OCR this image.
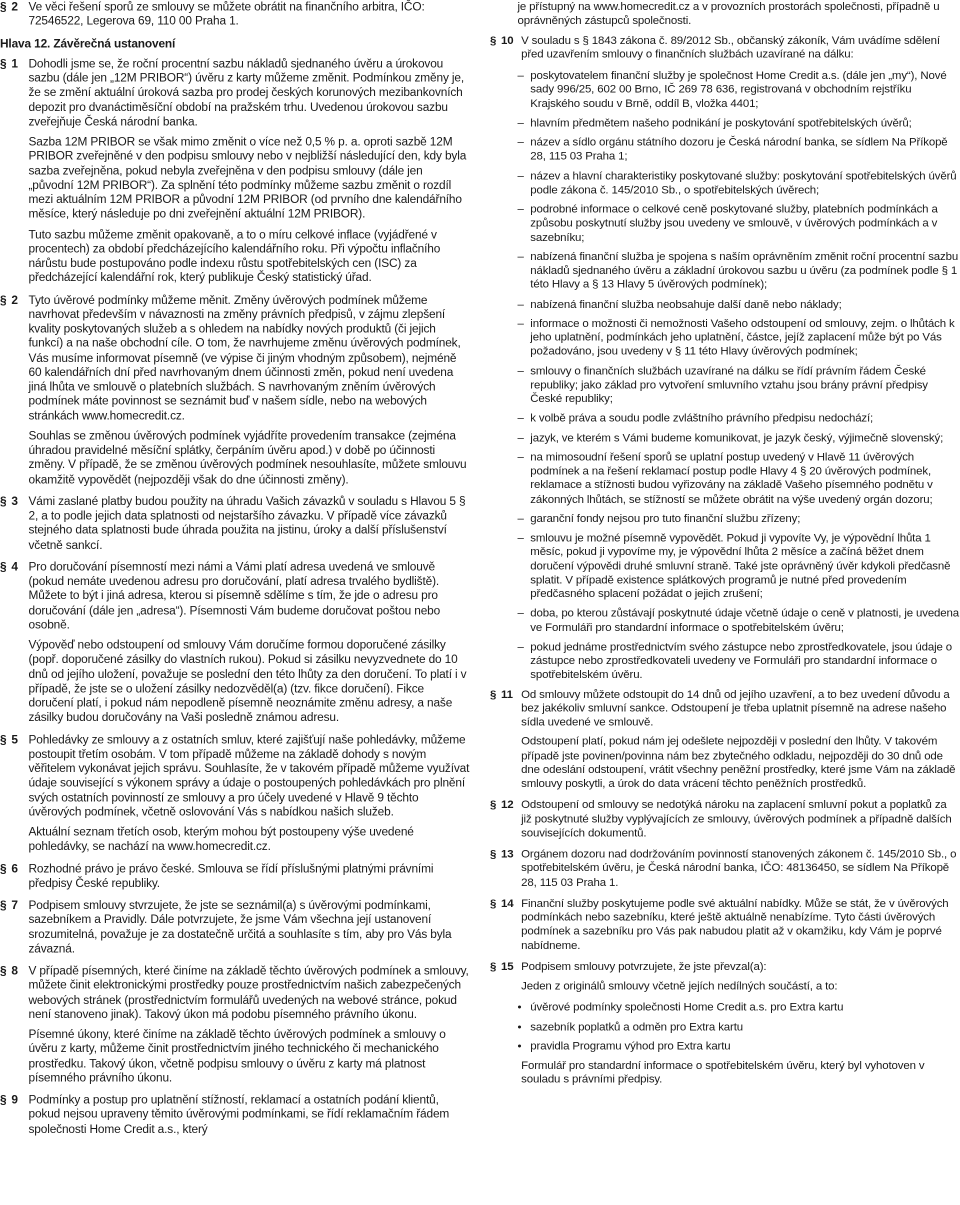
§ 2 Ve věci řešení sporů ze smlouvy se můžete obrátit na finančního arbitra, IČO: 72546522, Legerova 69, 110 00 Praha 1.

Hlava 12. Závěrečná ustanovení
§ 1 Dohodli jsme se, že roční procentní sazbu nákladů sjednaného úvěru a úrokovou sazbu (dále jen „12M PRIBOR“) úvěru z karty můžeme změnit. Podmínkou změny je, že se změní aktuální úroková sazba pro prodej českých korunových mezibankovních depozit pro dvanáctiměsíční období na pražském trhu. Uvedenou úrokovou sazbu zveřejňuje Česká národní banka.

Sazba 12M PRIBOR se však mimo změnit o více než 0,5 % p. a. oproti sazbě 12M PRIBOR zveřejněné v den podpisu smlouvy nebo v nejbližší následující den, kdy byla sazba zveřejněna, pokud nebyla zveřejněna v den podpisu smlouvy (dále jen „původní 12M PRIBOR“). Za splnění této podmínky můžeme sazbu změnit o rozdíl mezi aktuálním 12M PRIBOR a původní 12M PRIBOR (od prvního dne kalendářního měsíce, který následuje po dni zveřejnění aktuální 12M PRIBOR).

Tuto sazbu můžeme změnit opakovaně, a to o míru celkové inflace (vyjádřené v procentech) za období předcházejícího kalendářního roku. Při výpočtu inflačního nárůstu bude postupováno podle indexu růstu spotřebitelských cen (ISC) za předcházející kalendářní rok, který publikuje Český statistický úřad.

§ 2 Tyto úvěrové podmínky můžeme měnit. Změny úvěrových podmínek můžeme navrhovat především v návaznosti na změny právních předpisů, v zájmu zlepšení kvality poskytovaných služeb a s ohledem na nabídky nových produktů (či jejich funkcí) a na naše obchodní cíle. O tom, že navrhujeme změnu úvěrových podmínek, Vás musíme informovat písemně (ve výpise či jiným vhodným způsobem), nejméně 60 kalendářních dní před navrhovaným dnem účinnosti změn, pokud není uvedena jiná lhůta ve smlouvě o platebních službách. S navrhovaným zněním úvěrových podmínek máte povinnost se seznámit buď v našem sídle, nebo na webových stránkách www.homecredit.cz.

Souhlas se změnou úvěrových podmínek vyjádříte provedením transakce (zejména úhradou pravidelné měsíční splátky, čerpáním úvěru apod.) v době po účinnosti změny. V případě, že se změnou úvěrových podmínek nesouhlasíte, můžete smlouvu okamžitě vypovědět (nejpozději však do dne účinnosti změny).

§ 3 Vámi zaslané platby budou použity na úhradu Vašich závazků v souladu s Hlavou 5 § 2, a to podle jejich data splatnosti od nejstaršího závazku. V případě více závazků stejného data splatnosti bude úhrada použita na jistinu, úroky a další příslušenství včetně sankcí.

§ 4 Pro doručování písemností mezi námi a Vámi platí adresa uvedená ve smlouvě (pokud nemáte uvedenou adresu pro doručování, platí adresa trvalého bydliště). Můžete to být i jiná adresa, kterou si písemně sdělíme s tím, že jde o adresu pro doručování (dále jen „adresa“). Písemnosti Vám budeme doručovat poštou nebo osobně.

Výpověď nebo odstoupení od smlouvy Vám doručíme formou doporučené zásilky (popř. doporučené zásilky do vlastních rukou). Pokud si zásilku nevyzvednete do 10 dnů od jejího uložení, považuje se poslední den této lhůty za den doručení. To platí i v případě, že jste se o uložení zásilky nedozvěděl(a) (tzv. fikce doručení). Fikce doručení platí, i pokud nám nepodleně písemně neoznámite změnu adresy, a naše zásilky budou doručovány na Vaši posledně známou adresu.

§ 5 Pohledávky ze smlouvy a z ostatních smluv, které zajišťují naše pohledávky, můžeme postoupit třetím osobám. V tom případě můžeme na základě dohody s novým věřitelem vykonávat jejich správu. Souhlasíte, že v takovém případě můžeme využívat údaje související s výkonem správy a údaje o postoupených pohledávkách pro plnění svých ostatních povinností ze smlouvy a pro účely uvedené v Hlavě 9 těchto úvěrových podmínek, včetně oslovování Vás s nabídkou našich služeb.

Aktuální seznam třetích osob, kterým mohou být postoupeny výše uvedené pohledávky, se nachází na www.homecredit.cz.

§ 6 Rozhodné právo je právo české. Smlouva se řídí příslušnými platnými právními předpisy České republiky.

§ 7 Podpisem smlouvy stvrzujete, že jste se seznámil(a) s úvěrovými podmínkami, sazebníkem a Pravidly. Dále potvrzujete, že jsme Vám všechna její ustanovení srozumitelná, považuje je za dostatečně určitá a souhlasíte s tím, aby pro Vás byla závazná.

§ 8 V případě písemných, které činíme na základě těchto úvěrových podmínek a smlouvy, můžete činit elektronickými prostředky pouze prostřednictvím našich zabezpečených webových stránek (prostřednictvím formulářů uvedených na webové stránce, pokud není stanoveno jinak). Takový úkon má podobu písemného právního úkonu.

Písemné úkony, které činíme na základě těchto úvěrových podmínek a smlouvy o úvěru z karty, můžeme činit prostřednictvím jiného technického či mechanického prostředku. Takový úkon, včetně podpisu smlouvy o úvěru z karty má platnost písemného právního úkonu.

§ 9 Podmínky a postup pro uplatnění stížností, reklamací a ostatních podání klientů, pokud nejsou upraveny těmito úvěrovými podmínkami, se řídí reklamačním řádem společnosti Home Credit a.s., který

je přístupný na www.homecredit.cz a v provozních prostorách společnosti, případně u oprávněných zástupců společnosti.

§ 10 V souladu s § 1843 zákona č. 89/2012 Sb., občanský zákoník, Vám uvádíme sdělení před uzavřením smlouvy o finančních službách uzavírané na dálku:

– poskytovatelem finanční služby je společnost Home Credit a.s. (dále jen „my“), Nové sady 996/25, 602 00 Brno, IČ 269 78 636, registrovaná v obchodním rejstříku Krajského soudu v Brně, oddíl B, vložka 4401;

– hlavním předmětem našeho podnikání je poskytování spotřebitelských úvěrů;

– název a sídlo orgánu státního dozoru je Česká národní banka, se sídlem Na Příkopě 28, 115 03 Praha 1;

– název a hlavní charakteristiky poskytované služby: poskytování spotřebitelských úvěrů podle zákona č. 145/2010 Sb., o spotřebitelských úvěrech;

– podrobné informace o celkové ceně poskytované služby, platebních podmínkách a způsobu poskytnutí služby jsou uvedeny ve smlouvě, v úvěrových podmínkách a v sazebníku;

– nabízená finanční služba je spojena s naším oprávněním změnit roční procentní sazbu nákladů sjednaného úvěru a základní úrokovou sazbu u úvěru (za podmínek podle § 1 této Hlavy a § 13 Hlavy 5 úvěrových podmínek);

– nabízená finanční služba neobsahuje další daně nebo náklady;

– informace o možnosti či nemožnosti Vašeho odstoupení od smlouvy, zejm. o lhůtách k jeho uplatnění, podmínkách jeho uplatnění, částce, jejíž zaplacení může být po Vás požadováno, jsou uvedeny v § 11 této Hlavy úvěrových podmínek;

– smlouvy o finančních službách uzavírané na dálku se řídí právním řádem České republiky; jako základ pro vytvoření smluvního vztahu jsou brány právní předpisy České republiky;

– k volbě práva a soudu podle zvláštního právního předpisu nedochází;

– jazyk, ve kterém s Vámi budeme komunikovat, je jazyk český, výjimečně slovenský;

– na mimosoudní řešení sporů se uplatní postup uvedený v Hlavě 11 úvěrových podmínek a na řešení reklamací postup podle Hlavy 4 § 20 úvěrových podmínek, reklamace a stížnosti budou vyřizovány na základě Vašeho písemného podnětu v zákonných lhůtách, se stížností se můžete obrátit na výše uvedený orgán dozoru;

– garanční fondy nejsou pro tuto finanční službu zřízeny;

– smlouvu je možné písemně vypovědět. Pokud ji vypovíte Vy, je výpovědní lhůta 1 měsíc, pokud ji vypovíme my, je výpovědní lhůta 2 měsíce a začíná běžet dnem doručení výpovědi druhé smluvní straně. Také jste oprávněný úvěr kdykoli předčasně splatit. V případě existence splátkových programů je nutné před provedením předčasného splacení požádat o jejich zrušení;

– doba, po kterou zůstávají poskytnuté údaje včetně údaje o ceně v platnosti, je uvedena ve Formuláři pro standardní informace o spotřebitelském úvěru;

– pokud jednáme prostřednictvím svého zástupce nebo zprostředkovatele, jsou údaje o zástupce nebo zprostředkovateli uvedeny ve Formuláři pro standardní informace o spotřebitelském úvěru.

§ 11 Od smlouvy můžete odstoupit do 14 dnů od jejího uzavření, a to bez uvedení důvodu a bez jakékoliv smluvní sankce. Odstoupení je třeba uplatnit písemně na adrese našeho sídla uvedené ve smlouvě.

Odstoupení platí, pokud nám jej odešlete nejpozději v poslední den lhůty. V takovém případě jste povinen/povinna nám bez zbytečného odkladu, nejpozději do 30 dnů ode dne odeslání odstoupení, vrátit všechny peněžní prostředky, které jsme Vám na základě smlouvy poskytli, a úrok do data vrácení těchto peněžních prostředků.

§ 12 Odstoupení od smlouvy se nedotýká nároku na zaplacení smluvní pokut a poplatků za již poskytnuté služby vyplývajících ze smlouvy, úvěrových podmínek a případně dalších souvisejících dokumentů.

§ 13 Orgánem dozoru nad dodržováním povinností stanovených zákonem č. 145/2010 Sb., o spotřebitelském úvěru, je Česká národní banka, IČO: 48136450, se sídlem Na Příkopě 28, 115 03 Praha 1.

§ 14 Finanční služby poskytujeme podle své aktuální nabídky. Může se stát, že v úvěrových podmínkách nebo sazebníku, které ještě aktuálně nenabízíme. Tyto části úvěrových podmínek a sazebníku pro Vás pak nabudou platit až v okamžiku, kdy Vám je poprvé nabídneme.

§ 15 Podpisem smlouvy potvrzujete, že jste převzal(a):

Jeden z originálů smlouvy včetně jejích nedílných součástí, a to:

• úvěrové podmínky společnosti Home Credit a.s. pro Extra kartu

• sazebník poplatků a odměn pro Extra kartu

• pravidla Programu výhod pro Extra kartu

Formulář pro standardní informace o spotřebitelském úvěru, který byl vyhotoven v souladu s právními předpisy.
